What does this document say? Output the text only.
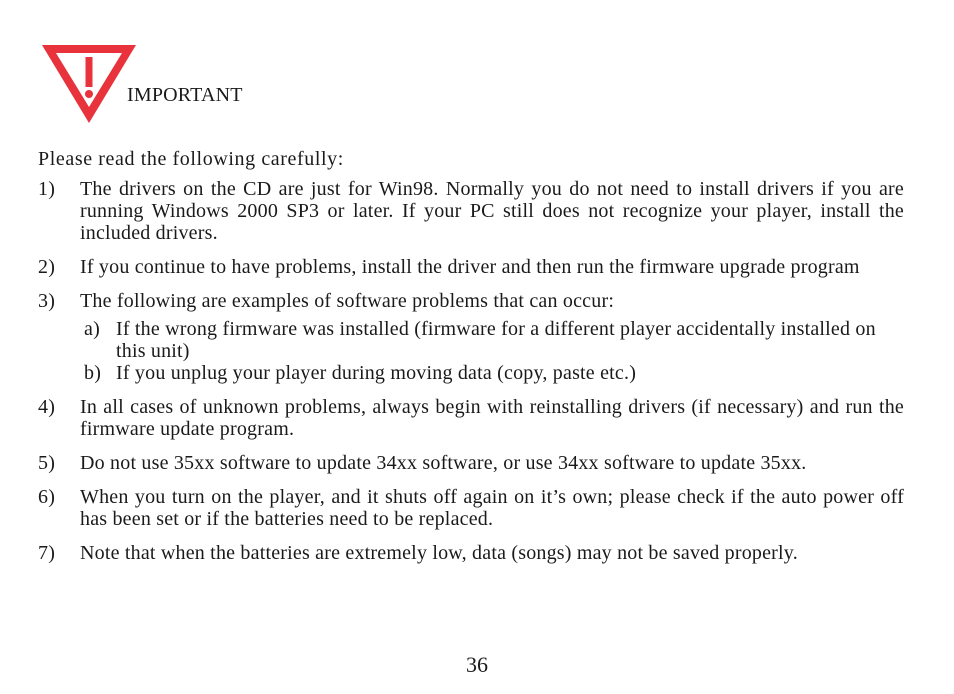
IMPORTANT
Please read the following carefully:
1) The drivers on the CD are just for Win98. Normally you do not need to install drivers if you are running Windows 2000 SP3 or later. If your PC still does not recognize your player, install the included drivers.
2) If you continue to have problems, install the driver and then run the firmware upgrade program
3) The following are examples of software problems that can occur:
a) If the wrong firmware was installed (firmware for a different player accidentally installed on this unit)
b) If you unplug your player during moving data (copy, paste etc.)
4) In all cases of unknown problems, always begin with reinstalling drivers (if necessary) and run the firmware update program.
5) Do not use 35xx software to update 34xx software, or use 34xx software to update 35xx.
6) When you turn on the player, and it shuts off again on it’s own; please check if the auto power off has been set or if the batteries need to be replaced.
7) Note that when the batteries are extremely low, data (songs) may not be saved properly.
36
